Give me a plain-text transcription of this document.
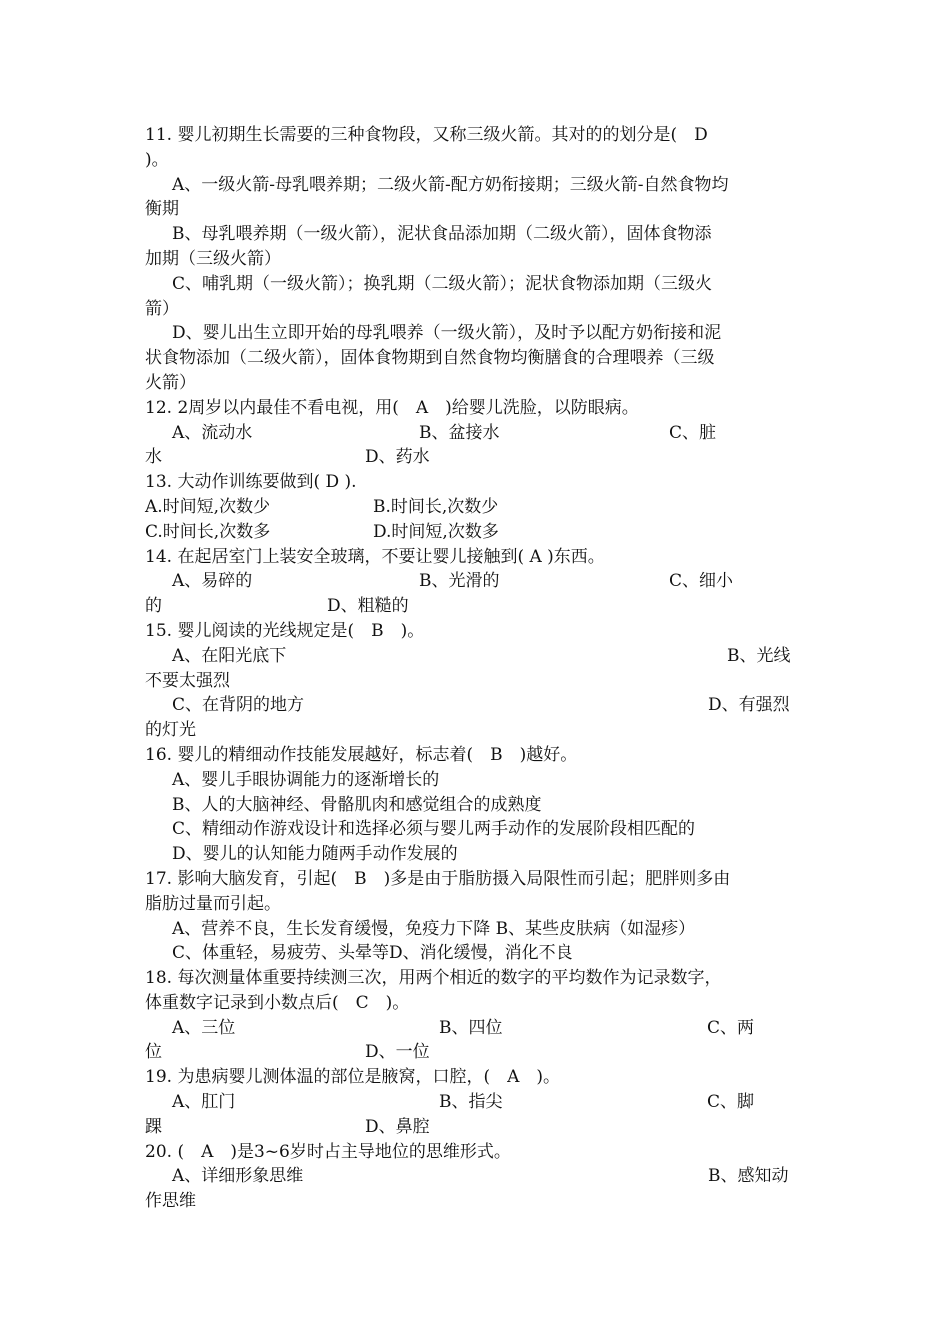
11. 婴儿初期生长需要的三种食物段，又称三级火箭。其对的的划分是(　D
)。
A、一级火箭-母乳喂养期；二级火箭-配方奶衔接期；三级火箭-自然食物均
衡期
B、母乳喂养期（一级火箭），泥状食品添加期（二级火箭），固体食物添
加期（三级火箭）
C、哺乳期（一级火箭）；换乳期（二级火箭）；泥状食物添加期（三级火
箭）
D、婴儿出生立即开始的母乳喂养（一级火箭），及时予以配方奶衔接和泥
状食物添加（二级火箭），固体食物期到自然食物均衡膳食的合理喂养（三级
火箭）
12. 2周岁以内最佳不看电视，用(　A　)给婴儿洗脸，以防眼病。
A、流动水	B、盆接水	C、脏
水	D、药水
13. 大动作训练要做到( D ).
A.时间短,次数少	B.时间长,次数少
C.时间长,次数多	D.时间短,次数多
14. 在起居室门上装安全玻璃，不要让婴儿接触到( A )东西。
A、易碎的	B、光滑的	C、细小
的	D、粗糙的
15. 婴儿阅读的光线规定是(　B　)。
A、在阳光底下	B、光线
不要太强烈
C、在背阴的地方	D、有强烈
的灯光
16. 婴儿的精细动作技能发展越好，标志着(　B　)越好。
A、婴儿手眼协调能力的逐渐增长的
B、人的大脑神经、骨骼肌肉和感觉组合的成熟度
C、精细动作游戏设计和选择必须与婴儿两手动作的发展阶段相匹配的
D、婴儿的认知能力随两手动作发展的
17. 影响大脑发育，引起(　B　)多是由于脂肪摄入局限性而引起；肥胖则多由
脂肪过量而引起。
A、营养不良，生长发育缓慢，免疫力下降 B、某些皮肤病（如湿疹）
C、体重轻，易疲劳、头晕等D、消化缓慢，消化不良
18. 每次测量体重要持续测三次，用两个相近的数字的平均数作为记录数字，
体重数字记录到小数点后(　C　)。
A、三位	B、四位	C、两
位	D、一位
19. 为患病婴儿测体温的部位是腋窝，口腔，(　A　)。
A、肛门	B、指尖	C、脚
踝	D、鼻腔
20. (　A　)是3~6岁时占主导地位的思维形式。
A、详细形象思维	B、感知动
作思维
